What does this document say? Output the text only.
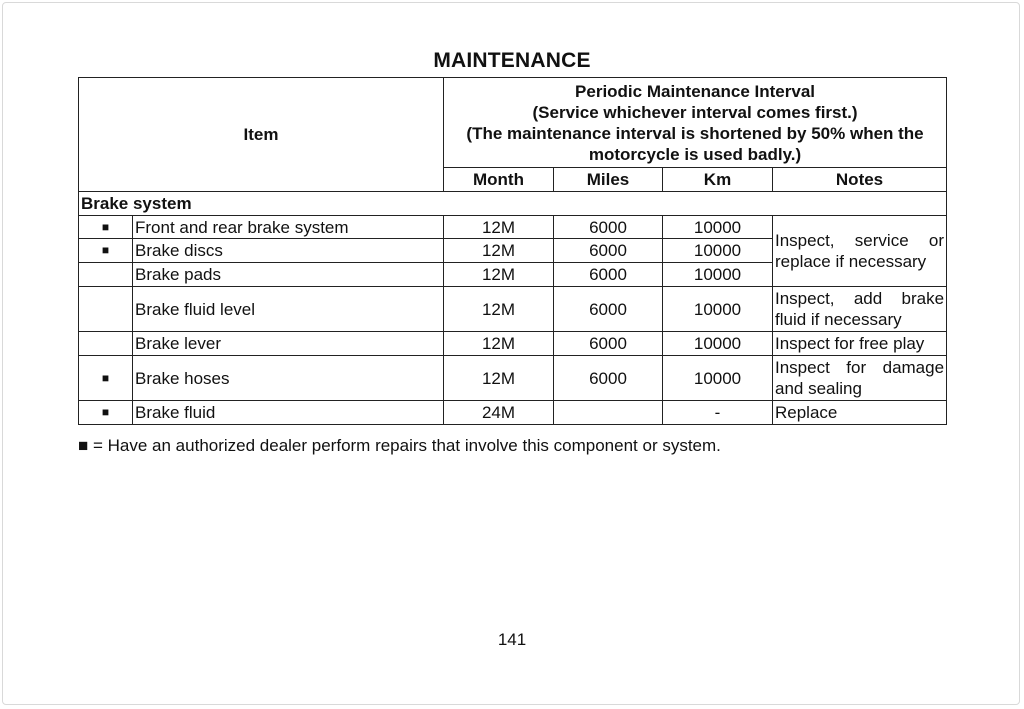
MAINTENANCE
Item		Periodic Maintenance Interval
(Service whichever interval comes first.)
(The maintenance interval is shortened by 50% when the
motorcycle is used badly.)			

		Month	Miles	Km	Notes
Brake system					
■	Front and rear brake system	12M	6000	10000	Inspect, service or replace if necessary
■	Brake discs	12M	6000	10000	
	Brake pads	12M	6000	10000	
	Brake fluid level	12M	6000	10000	Inspect, add brake fluid if necessary
	Brake lever	12M	6000	10000	Inspect for free play
■	Brake hoses	12M	6000	10000	Inspect for damage and sealing
■	Brake fluid	24M		-	Replace
■ = Have an authorized dealer perform repairs that involve this component or system.
141
